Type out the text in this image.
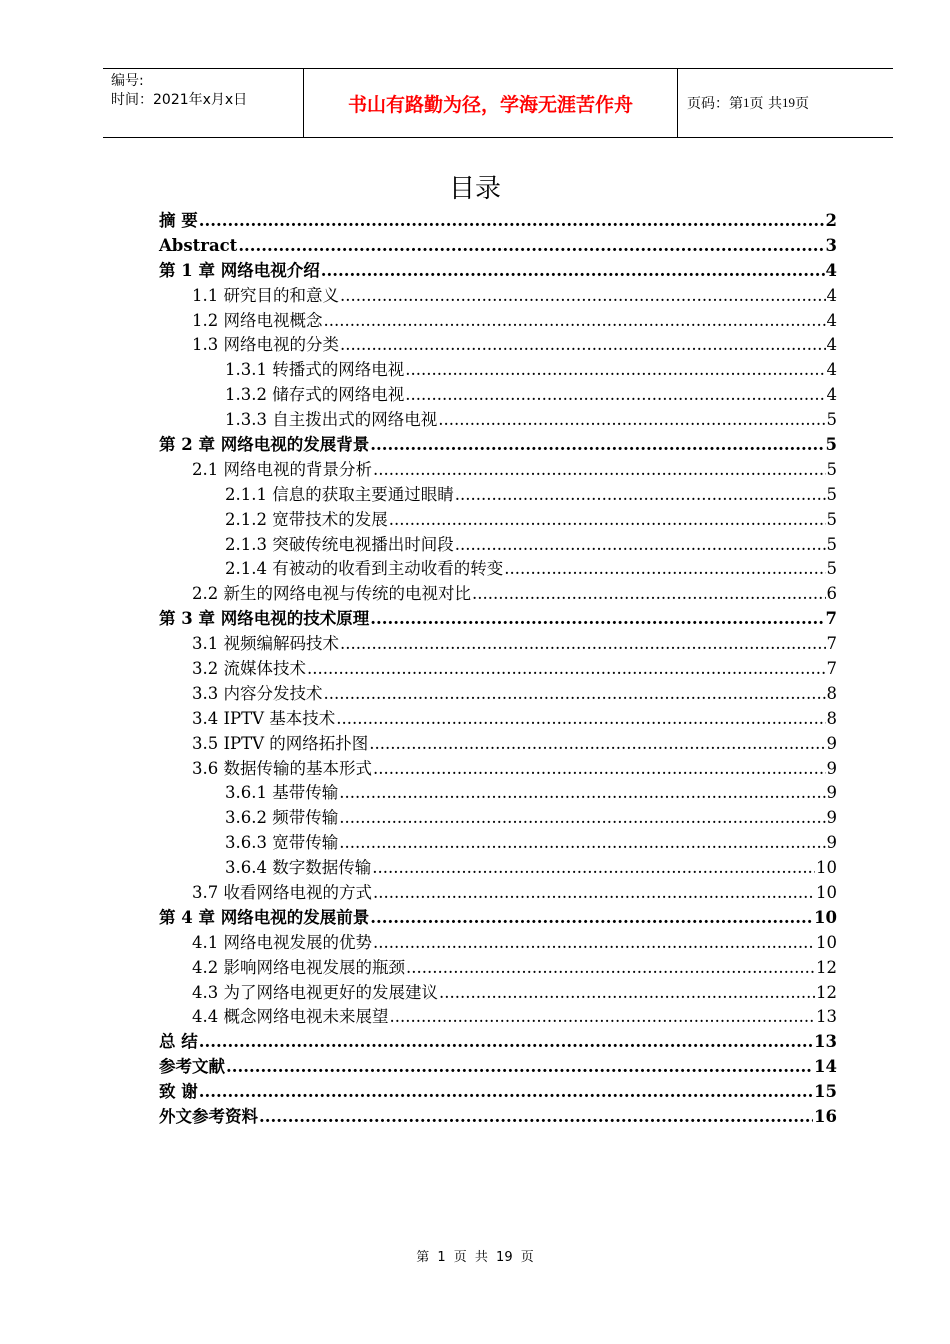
编号:
时间：2021年x月x日	书山有路勤为径，学海无涯苦作舟	页码：第 1 页 共 19 页
目录
摘 要 .....	2
Abstract .....	3
第 1 章 网络电视介绍 .....	4
1.1 研究目的和意义 .....	4
1.2 网络电视概念 .....	4
1.3 网络电视的分类 .....	4
1.3.1 转播式的网络电视 .....	4
1.3.2 储存式的网络电视 .....	4
1.3.3 自主拨出式的网络电视 .....	5
第 2 章 网络电视的发展背景 .....	5
2.1 网络电视的背景分析 .....	5
2.1.1 信息的获取主要通过眼睛 .....	5
2.1.2 宽带技术的发展 .....	5
2.1.3 突破传统电视播出时间段 .....	5
2.1.4 有被动的收看到主动收看的转变 .....	5
2.2 新生的网络电视与传统的电视对比 .....	6
第 3 章 网络电视的技术原理 .....	7
3.1 视频编解码技术 .....	7
3.2 流媒体技术 .....	7
3.3 内容分发技术 .....	8
3.4 IPTV 基本技术 .....	8
3.5 IPTV 的网络拓扑图 .....	9
3.6 数据传输的基本形式 .....	9
3.6.1 基带传输 .....	9
3.6.2 频带传输 .....	9
3.6.3 宽带传输 .....	9
3.6.4 数字数据传输 .....	10
3.7 收看网络电视的方式 .....	10
第 4 章 网络电视的发展前景 .....	10
4.1 网络电视发展的优势 .....	10
4.2 影响网络电视发展的瓶颈 .....	12
4.3 为了网络电视更好的发展建议 .....	12
4.4 概念网络电视未来展望 .....	13
总 结 .....	13
参考文献 .....	14
致 谢 .....	15
外文参考资料 .....	16
第 1 页 共 19 页
